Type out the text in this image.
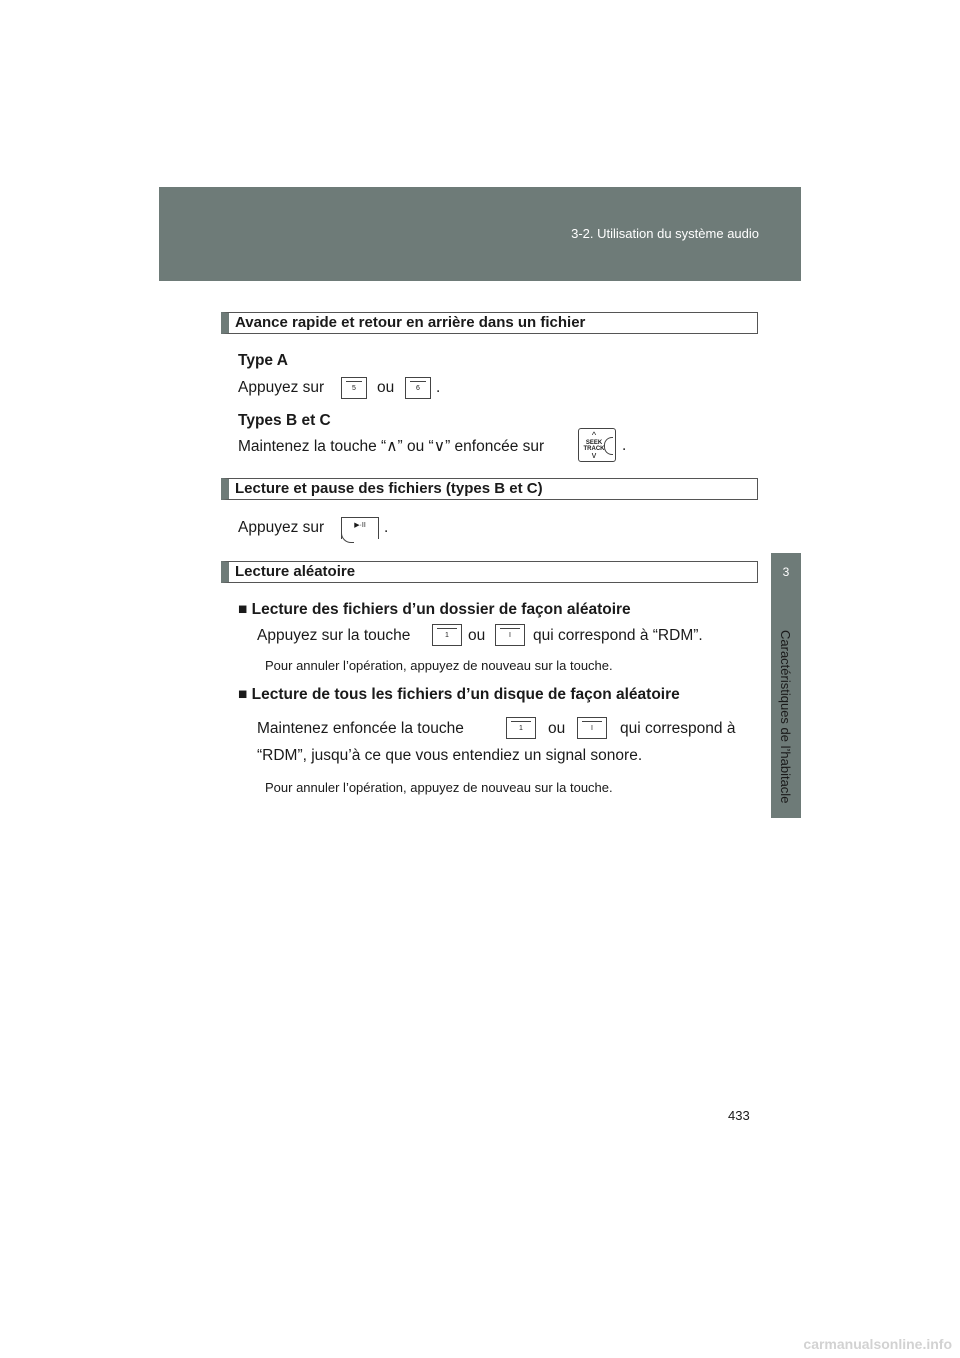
3-2. Utilisation du système audio
3
Caractéristiques de l’habitacle
Avance rapide et retour en arrière dans un fichier
Type A
Appuyez sur	5	ou	6	.
Types B et C
Maintenez la touche “∧” ou “∨” enfoncée sur
^
SEEK TRACK
v
.
Lecture et pause des fichiers (types B et C)
Appuyez sur	▶·II	.
Lecture aléatoire
■ Lecture des fichiers d’un dossier de façon aléatoire
Appuyez sur la touche	1	ou	I	qui correspond à “RDM”.
Pour annuler l’opération, appuyez de nouveau sur la touche.
■ Lecture de tous les fichiers d’un disque de façon aléatoire
Maintenez enfoncée la touche	1	ou	I	qui correspond à
“RDM”, jusqu’à ce que vous entendiez un signal sonore.
Pour annuler l’opération, appuyez de nouveau sur la touche.
433
carmanualsonline.info
